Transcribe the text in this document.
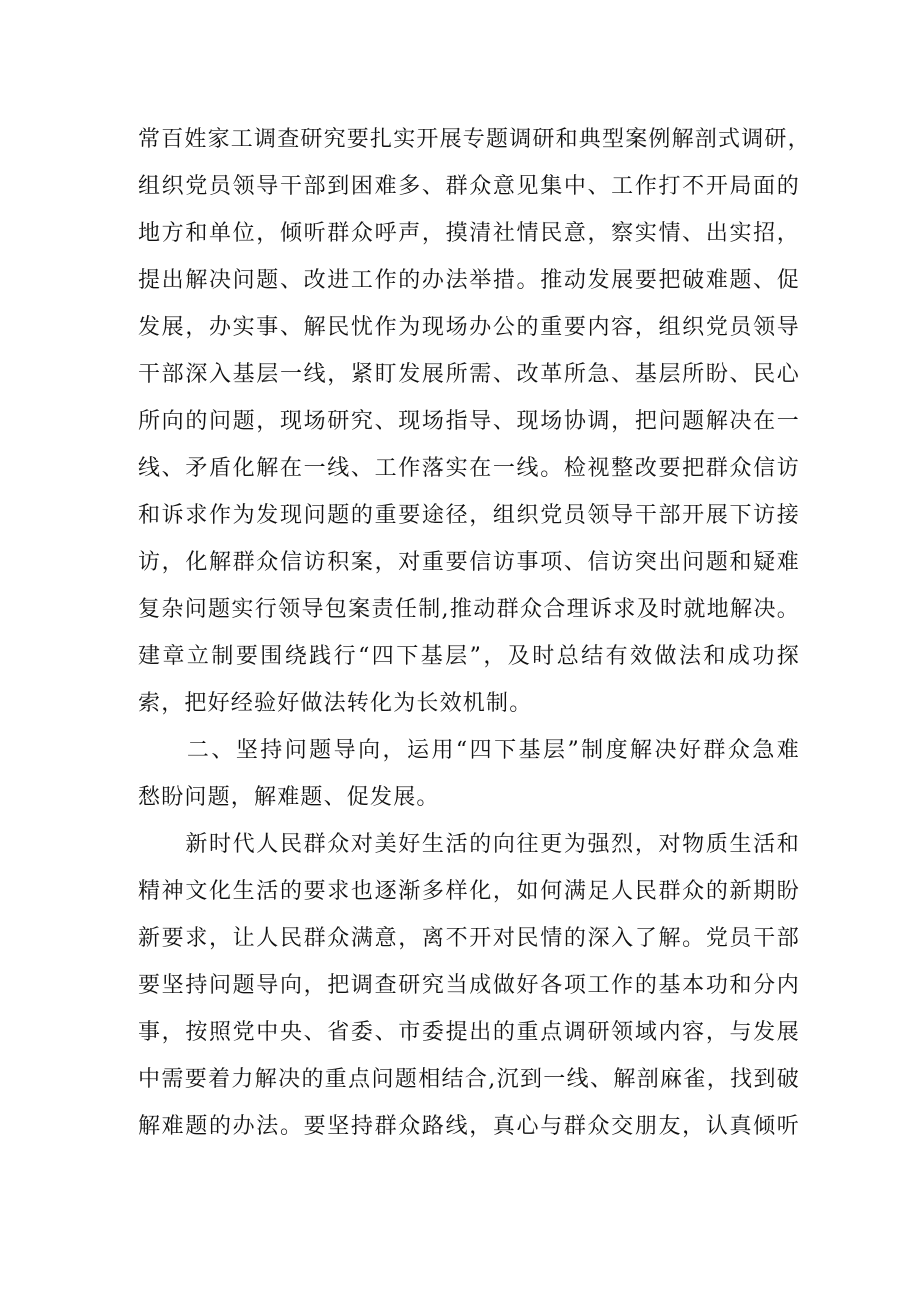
常百姓家工调查研究要扎实开展专题调研和典型案例解剖式调研，
组织党员领导干部到困难多、群众意见集中、工作打不开局面的
地方和单位，倾听群众呼声，摸清社情民意，察实情、出实招，
提出解决问题、改进工作的办法举措。推动发展要把破难题、促
发展，办实事、解民忧作为现场办公的重要内容，组织党员领导
干部深入基层一线，紧盯发展所需、改革所急、基层所盼、民心
所向的问题，现场研究、现场指导、现场协调，把问题解决在一
线、矛盾化解在一线、工作落实在一线。检视整改要把群众信访
和诉求作为发现问题的重要途径，组织党员领导干部开展下访接
访，化解群众信访积案，对重要信访事项、信访突出问题和疑难
复杂问题实行领导包案责任制,推动群众合理诉求及时就地解决。
建章立制要围绕践行“四下基层”，及时总结有效做法和成功探
索，把好经验好做法转化为长效机制。
　　二、坚持问题导向，运用“四下基层”制度解决好群众急难
愁盼问题，解难题、促发展。
　　新时代人民群众对美好生活的向往更为强烈，对物质生活和
精神文化生活的要求也逐渐多样化，如何满足人民群众的新期盼
新要求，让人民群众满意，离不开对民情的深入了解。党员干部
要坚持问题导向，把调查研究当成做好各项工作的基本功和分内
事，按照党中央、省委、市委提出的重点调研领域内容，与发展
中需要着力解决的重点问题相结合,沉到一线、解剖麻雀，找到破
解难题的办法。要坚持群众路线，真心与群众交朋友，认真倾听
